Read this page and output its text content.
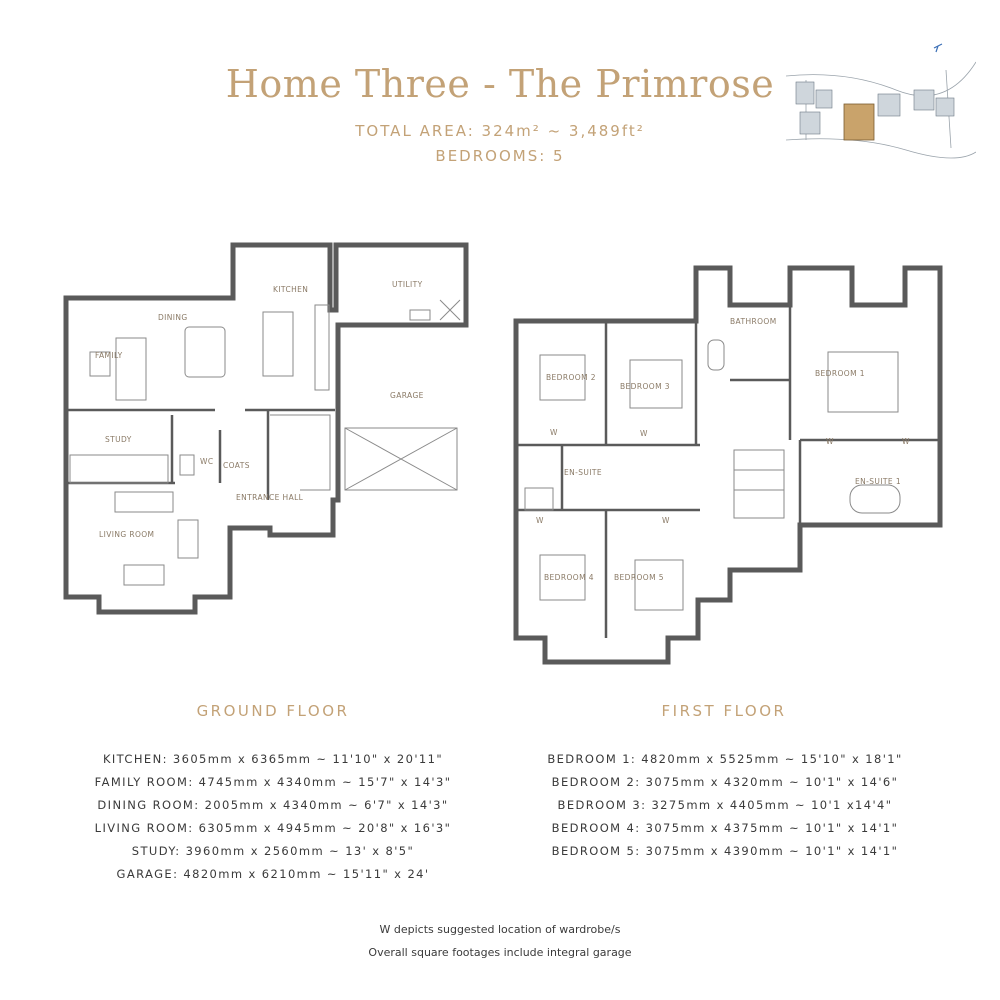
Home Three - The Primrose
TOTAL AREA: 324m² ~ 3,489ft²
BEDROOMS: 5
KITCHEN
DINING
FAMILY
UTILITY
GARAGE
STUDY
WC COATS
ENTRANCE HALL
LIVING ROOM
BEDROOM 1
BEDROOM 2
BEDROOM 3
BEDROOM 4	BEDROOM 5
BATHROOM
EN-SUITE 1
EN-SUITE
W	W
W	W
W	W
GROUND FLOOR	FIRST FLOOR
KITCHEN: 3605mm x 6365mm ~ 11'10" x 20'11"
FAMILY ROOM: 4745mm x 4340mm ~ 15'7" x 14'3"
DINING ROOM: 2005mm x 4340mm ~ 6'7" x 14'3"
LIVING ROOM: 6305mm x 4945mm ~ 20'8" x 16'3"
STUDY: 3960mm x 2560mm ~ 13' x 8'5"
GARAGE: 4820mm x 6210mm ~ 15'11" x 24'
BEDROOM 1: 4820mm x 5525mm ~ 15'10" x 18'1"
BEDROOM 2: 3075mm x 4320mm ~ 10'1" x 14'6"
BEDROOM 3: 3275mm x 4405mm ~ 10'1 x14'4"
BEDROOM 4: 3075mm x 4375mm ~ 10'1" x 14'1"
BEDROOM 5: 3075mm x 4390mm ~ 10'1" x 14'1"
W depicts suggested location of wardrobe/s
Overall square footages include integral garage
